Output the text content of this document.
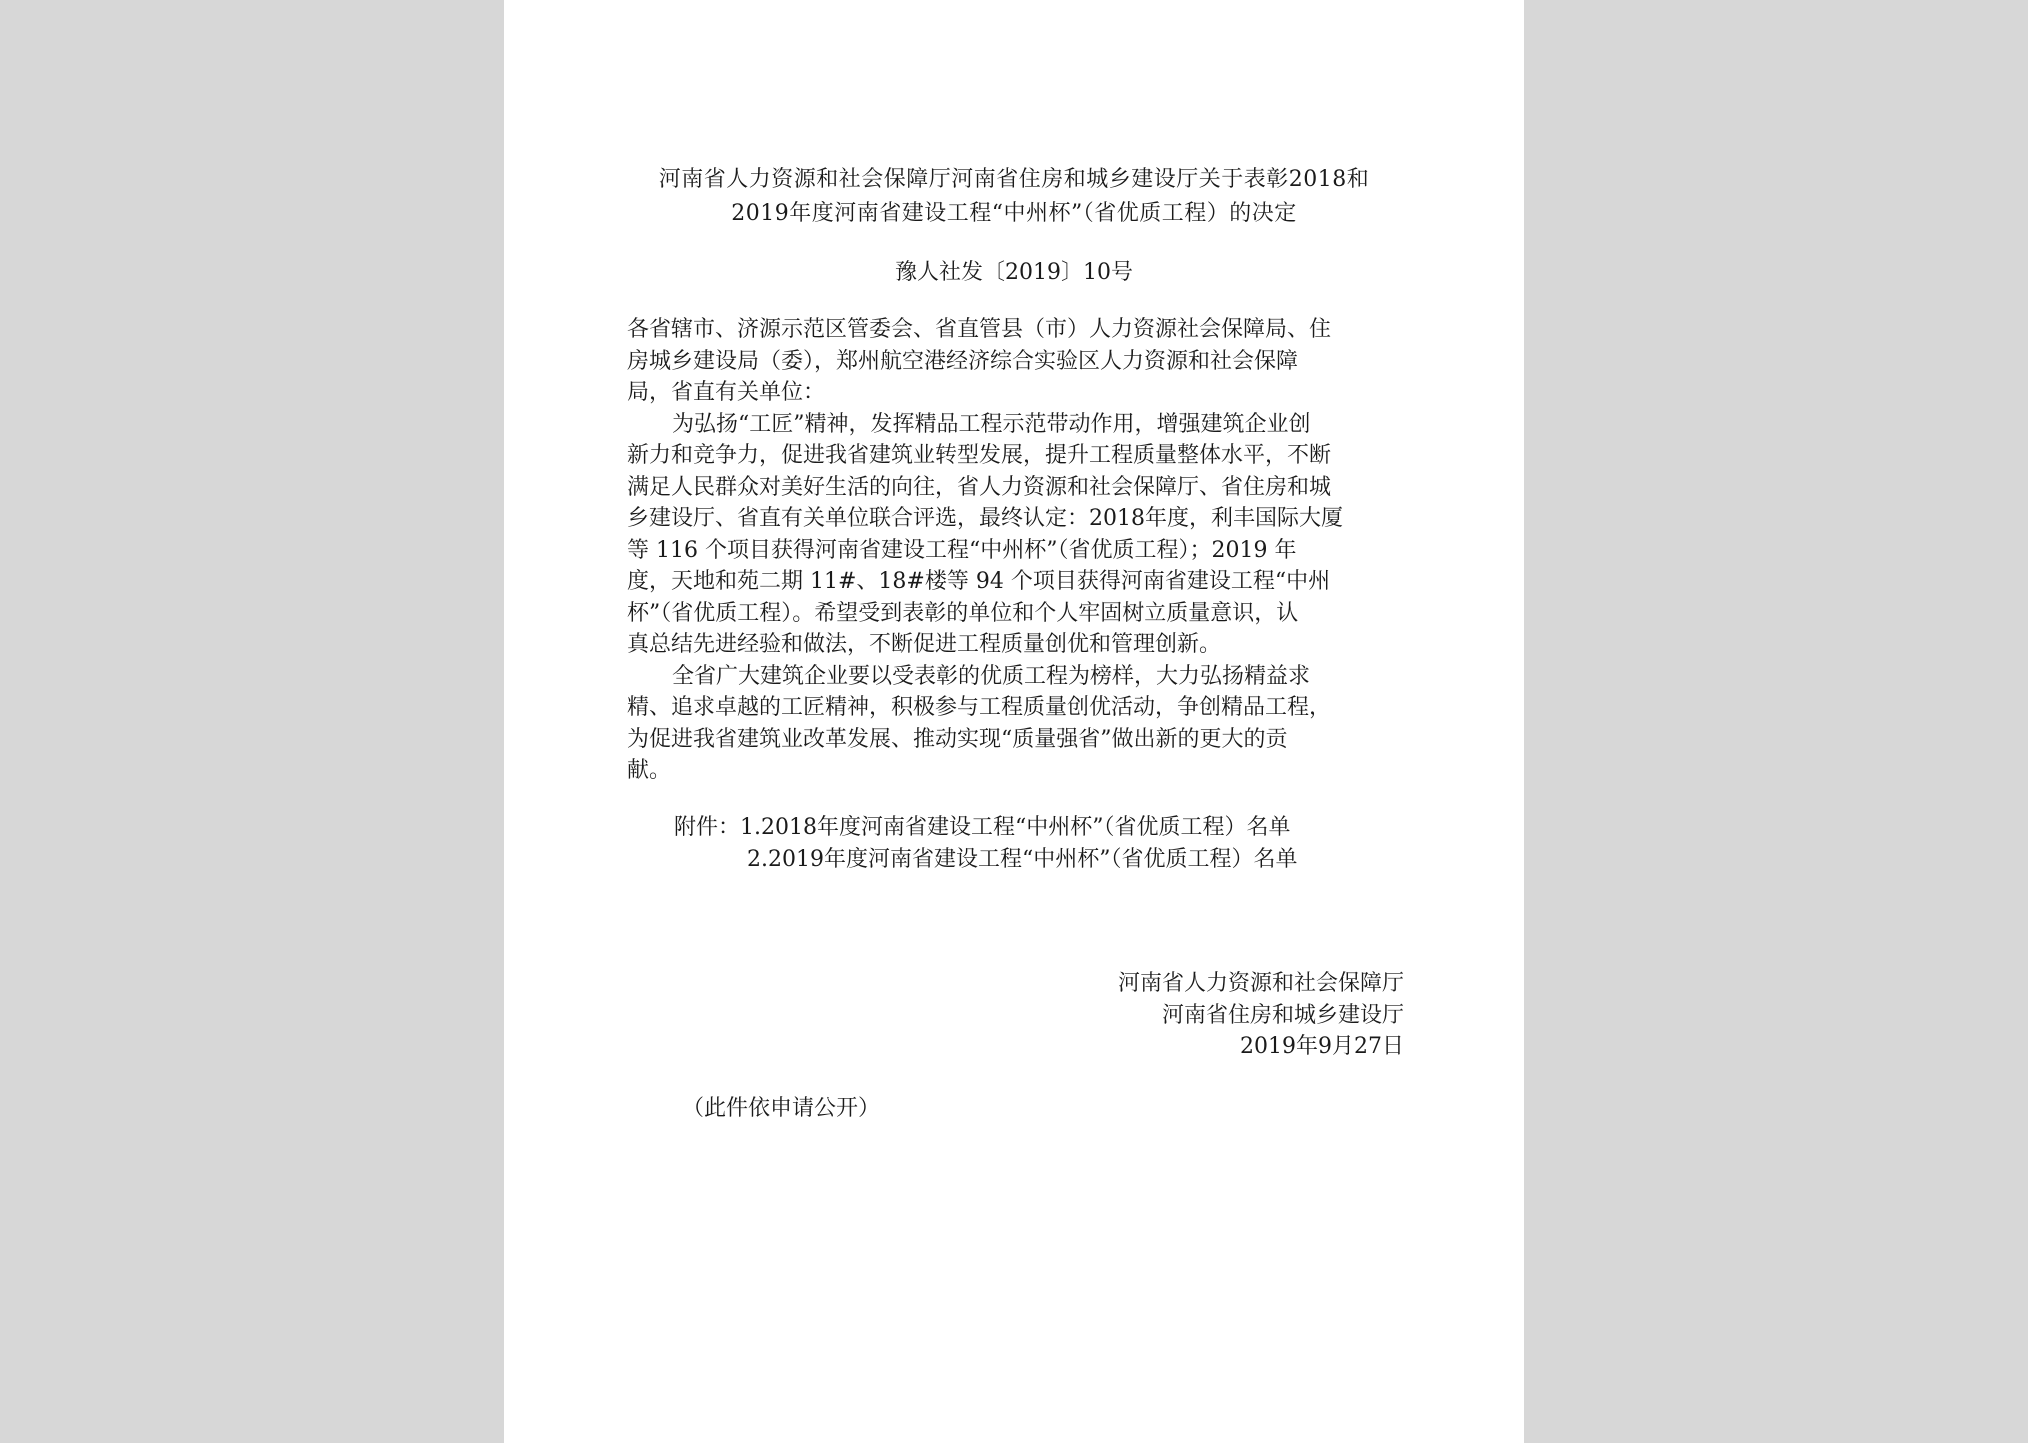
河南省人力资源和社会保障厅河南省住房和城乡建设厅关于表彰2018和
2019年度河南省建设工程“中州杯”（省优质工程）的决定
豫人社发〔2019〕10号
各省辖市、济源示范区管委会、省直管县（市）人力资源社会保障局、住
房城乡建设局（委），郑州航空港经济综合实验区人力资源和社会保障
局，省直有关单位：
为弘扬“工匠”精神，发挥精品工程示范带动作用，增强建筑企业创
新力和竞争力，促进我省建筑业转型发展，提升工程质量整体水平，不断
满足人民群众对美好生活的向往，省人力资源和社会保障厅、省住房和城
乡建设厅、省直有关单位联合评选，最终认定：2018年度，利丰国际大厦
等 116 个项目获得河南省建设工程“中州杯”（省优质工程）；2019 年
度，天地和苑二期 11#、18#楼等 94 个项目获得河南省建设工程“中州
杯”（省优质工程）。希望受到表彰的单位和个人牢固树立质量意识，认
真总结先进经验和做法，不断促进工程质量创优和管理创新。
全省广大建筑企业要以受表彰的优质工程为榜样，大力弘扬精益求
精、追求卓越的工匠精神，积极参与工程质量创优活动，争创精品工程，
为促进我省建筑业改革发展、推动实现“质量强省”做出新的更大的贡
献。
附件：1.2018年度河南省建设工程“中州杯”（省优质工程）名单
2.2019年度河南省建设工程“中州杯”（省优质工程）名单
河南省人力资源和社会保障厅
河南省住房和城乡建设厅
2019年9月27日
（此件依申请公开）
